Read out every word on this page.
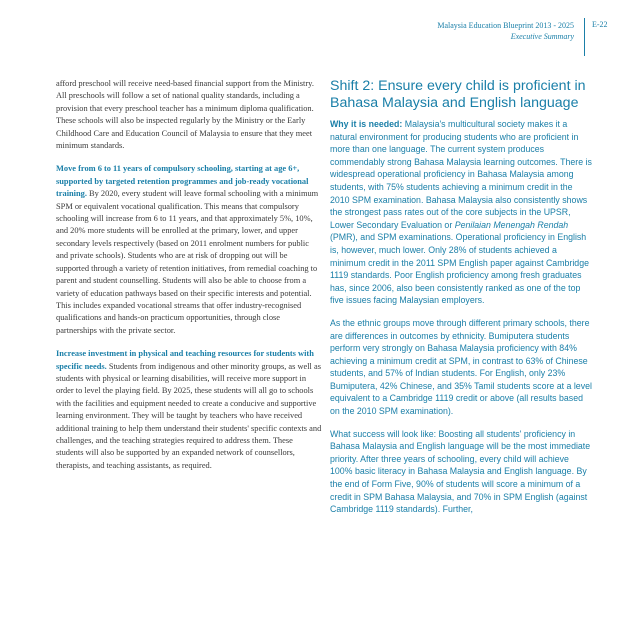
Malaysia Education Blueprint 2013 - 2025
Executive Summary
E-22

afford preschool will receive need-based financial support from the Ministry. All preschools will follow a set of national quality standards, including a provision that every preschool teacher has a minimum diploma qualification. These schools will also be inspected regularly by the Ministry or the Early Childhood Care and Education Council of Malaysia to ensure that they meet minimum standards.

Move from 6 to 11 years of compulsory schooling, starting at age 6+, supported by targeted retention programmes and job-ready vocational training. By 2020, every student will leave formal schooling with a minimum SPM or equivalent vocational qualification. This means that compulsory schooling will increase from 6 to 11 years, and that approximately 5%, 10%, and 20% more students will be enrolled at the primary, lower, and upper secondary levels respectively (based on 2011 enrolment numbers for public and private schools). Students who are at risk of dropping out will be supported through a variety of retention initiatives, from remedial coaching to parent and student counselling. Students will also be able to choose from a variety of education pathways based on their specific interests and potential. This includes expanded vocational streams that offer industry-recognised qualifications and hands-on practicum opportunities, through close partnerships with the private sector.

Increase investment in physical and teaching resources for students with specific needs. Students from indigenous and other minority groups, as well as students with physical or learning disabilities, will receive more support in order to level the playing field. By 2025, these students will all go to schools with the facilities and equipment needed to create a conducive and supportive learning environment. They will be taught by teachers who have received additional training to help them understand their students' specific contexts and challenges, and the teaching strategies required to address them. These students will also be supported by an expanded network of counsellors, therapists, and teaching assistants, as required.

Shift 2: Ensure every child is proficient in Bahasa Malaysia and English language

Why it is needed: Malaysia's multicultural society makes it a natural environment for producing students who are proficient in more than one language. The current system produces commendably strong Bahasa Malaysia learning outcomes. There is widespread operational proficiency in Bahasa Malaysia among students, with 75% students achieving a minimum credit in the 2010 SPM examination. Bahasa Malaysia also consistently shows the strongest pass rates out of the core subjects in the UPSR, Lower Secondary Evaluation or Penilaian Menengah Rendah (PMR), and SPM examinations. Operational proficiency in English is, however, much lower. Only 28% of students achieved a minimum credit in the 2011 SPM English paper against Cambridge 1119 standards. Poor English proficiency among fresh graduates has, since 2006, also been consistently ranked as one of the top five issues facing Malaysian employers.

As the ethnic groups move through different primary schools, there are differences in outcomes by ethnicity. Bumiputera students perform very strongly on Bahasa Malaysia proficiency with 84% achieving a minimum credit at SPM, in contrast to 63% of Chinese students, and 57% of Indian students. For English, only 23% Bumiputera, 42% Chinese, and 35% Tamil students score at a level equivalent to a Cambridge 1119 credit or above (all results based on the 2010 SPM examination).

What success will look like: Boosting all students' proficiency in Bahasa Malaysia and English language will be the most immediate priority. After three years of schooling, every child will achieve 100% basic literacy in Bahasa Malaysia and English language. By the end of Form Five, 90% of students will score a minimum of a credit in SPM Bahasa Malaysia, and 70% in SPM English (against Cambridge 1119 standards). Further,
